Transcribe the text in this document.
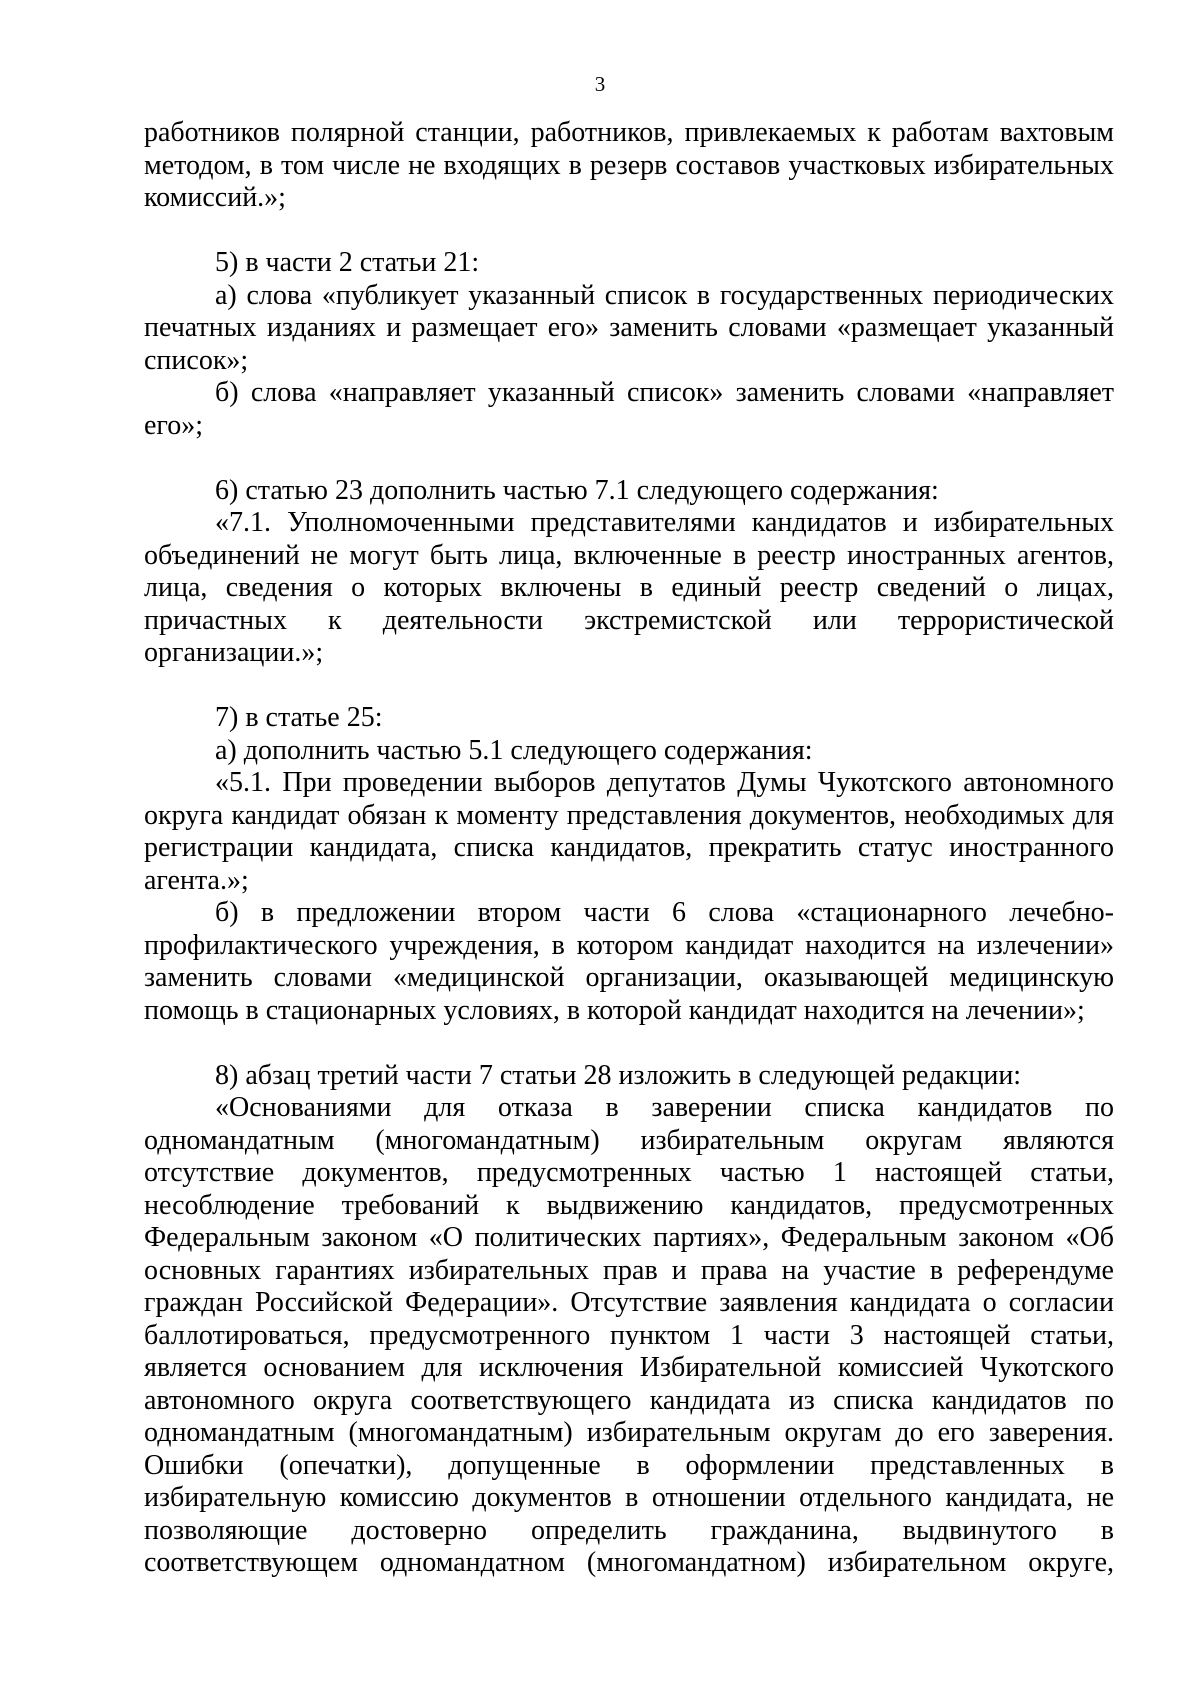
3

работников полярной станции, работников, привлекаемых к работам вахтовым методом, в том числе не входящих в резерв составов участковых избирательных комиссий.»;

5) в части 2 статьи 21:

а) слова «публикует указанный список в государственных периодических печатных изданиях и размещает его» заменить словами «размещает указанный список»;

б) слова «направляет указанный список» заменить словами «направляет его»;

6) статью 23 дополнить частью 7.1 следующего содержания:

«7.1. Уполномоченными представителями кандидатов и избирательных объединений не могут быть лица, включенные в реестр иностранных агентов, лица, сведения о которых включены в единый реестр сведений о лицах, причастных к деятельности экстремистской или террористической организации.»;

7) в статье 25:

а) дополнить частью 5.1 следующего содержания:

«5.1. При проведении выборов депутатов Думы Чукотского автономного округа кандидат обязан к моменту представления документов, необходимых для регистрации кандидата, списка кандидатов, прекратить статус иностранного агента.»;

б) в предложении втором части 6 слова «стационарного лечебно-профилактического учреждения, в котором кандидат находится на излечении» заменить словами «медицинской организации, оказывающей медицинскую помощь в стационарных условиях, в которой кандидат находится на лечении»;

8) абзац третий части 7 статьи 28 изложить в следующей редакции:

«Основаниями для отказа в заверении списка кандидатов по одномандатным (многомандатным) избирательным округам являются отсутствие документов, предусмотренных частью 1 настоящей статьи, несоблюдение требований к выдвижению кандидатов, предусмотренных Федеральным законом «О политических партиях», Федеральным законом «Об основных гарантиях избирательных прав и права на участие в референдуме граждан Российской Федерации». Отсутствие заявления кандидата о согласии баллотироваться, предусмотренного пунктом 1 части 3 настоящей статьи, является основанием для исключения Избирательной комиссией Чукотского автономного округа соответствующего кандидата из списка кандидатов по одномандатным (многомандатным) избирательным округам до его заверения. Ошибки (опечатки), допущенные в оформлении представленных в избирательную комиссию документов в отношении отдельного кандидата, не позволяющие достоверно определить гражданина, выдвинутого в соответствующем одномандатном (многомандатном) избирательном округе,
